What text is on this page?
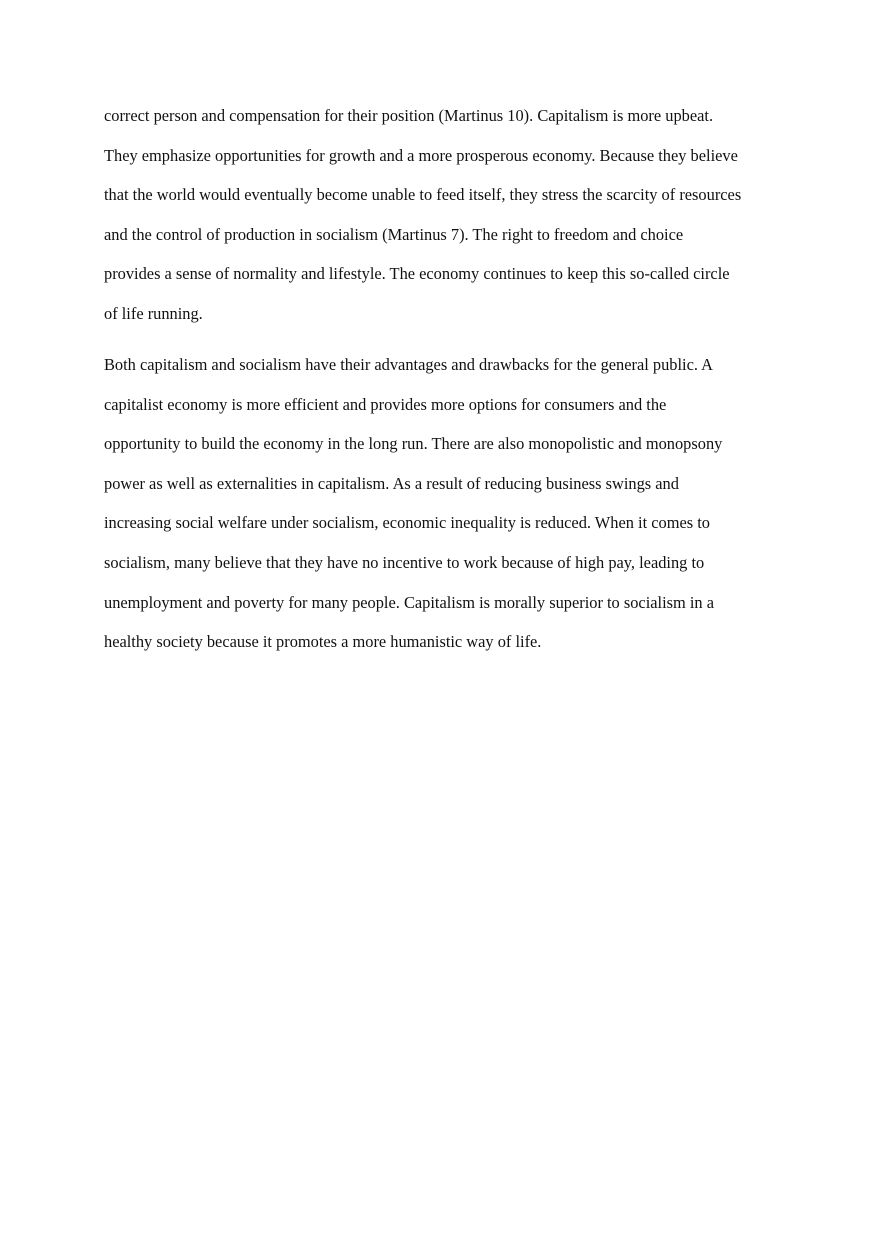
correct person and compensation for their position (Martinus 10). Capitalism is more upbeat.
They emphasize opportunities for growth and a more prosperous economy. Because they believe
that the world would eventually become unable to feed itself, they stress the scarcity of resources
and the control of production in socialism (Martinus 7). The right to freedom and choice
provides a sense of normality and lifestyle. The economy continues to keep this so-called circle
of life running.
Both capitalism and socialism have their advantages and drawbacks for the general public. A
capitalist economy is more efficient and provides more options for consumers and the
opportunity to build the economy in the long run. There are also monopolistic and monopsony
power as well as externalities in capitalism. As a result of reducing business swings and
increasing social welfare under socialism, economic inequality is reduced. When it comes to
socialism, many believe that they have no incentive to work because of high pay, leading to
unemployment and poverty for many people. Capitalism is morally superior to socialism in a
healthy society because it promotes a more humanistic way of life.
